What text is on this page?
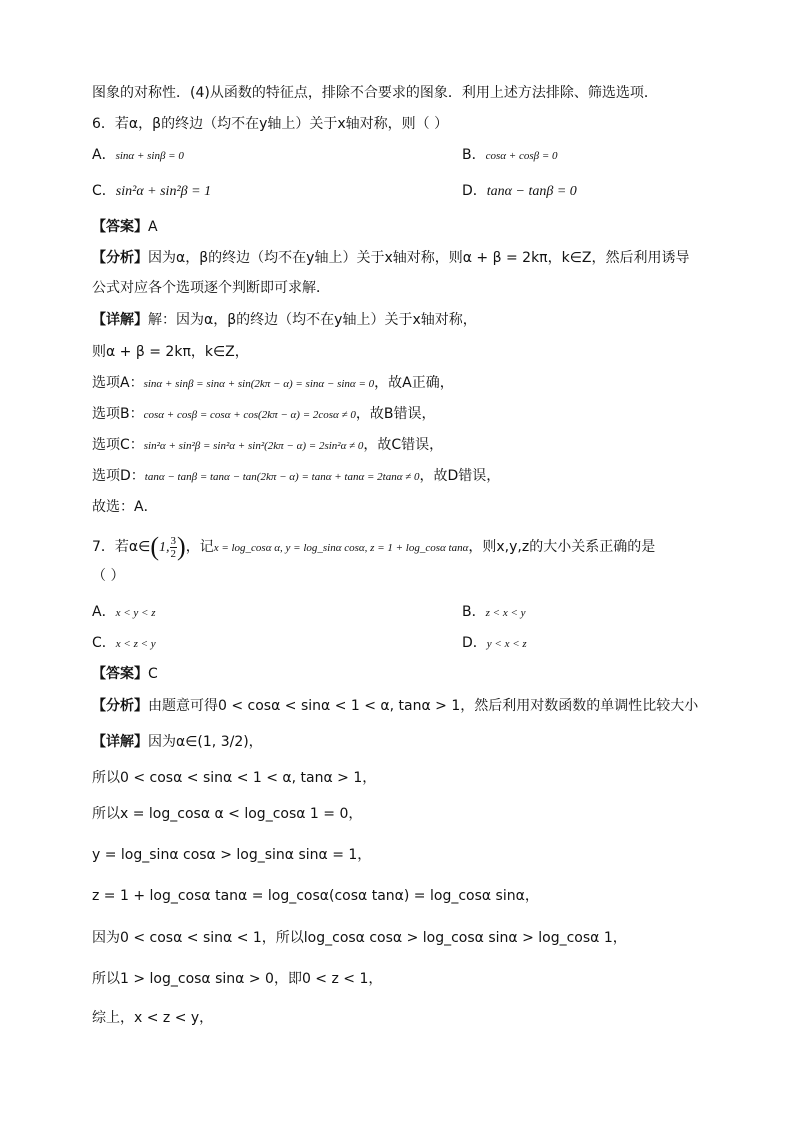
图象的对称性．(4)从函数的特征点，排除不合要求的图象．利用上述方法排除、筛选选项．
6．若α，β的终边（均不在y轴上）关于x轴对称，则（ ）
A．sinα + sinβ = 0	B．cosα + cosβ = 0
C．sin²α + sin²β = 1	D．tanα − tanβ = 0
【答案】A
【分析】因为α，β的终边（均不在y轴上）关于x轴对称，则α + β = 2kπ，k∈Z，然后利用诱导
公式对应各个选项逐个判断即可求解．
【详解】解：因为α，β的终边（均不在y轴上）关于x轴对称，
则α + β = 2kπ，k∈Z，
选项A：sinα + sinβ = sinα + sin(2kπ − α) = sinα − sinα = 0，故A正确，
选项B：cosα + cosβ = cosα + cos(2kπ − α) = 2cosα ≠ 0，故B错误，
选项C：sin²α + sin²β = sin²α + sin²(2kπ − α) = 2sin²α ≠ 0，故C错误，
选项D：tanα − tanβ = tanα − tan(2kπ − α) = tanα + tanα = 2tanα ≠ 0，故D错误，
故选：A．
7．若α∈(1, $\frac{3}{2}$ )，记x = log_cosα α, y = log_sinα cosα, z = 1 + log_cosα tanα，则x,y,z的大小关系正确的是
（ ）
A．x < y < z	B．z < x < y
C．x < z < y	D．y < x < z
【答案】C
【分析】由题意可得0 < cosα < sinα < 1 < α, tanα > 1，然后利用对数函数的单调性比较大小
【详解】因为α∈(1, 3/2)，
所以0 < cosα < sinα < 1 < α, tanα > 1，
所以x = log_cosα α < log_cosα 1 = 0，
y = log_sinα cosα > log_sinα sinα = 1，
z = 1 + log_cosα tanα = log_cosα(cosα tanα) = log_cosα sinα，
因为0 < cosα < sinα < 1，所以log_cosα cosα > log_cosα sinα > log_cosα 1，
所以1 > log_cosα sinα > 0，即0 < z < 1，
综上，x < z < y，
